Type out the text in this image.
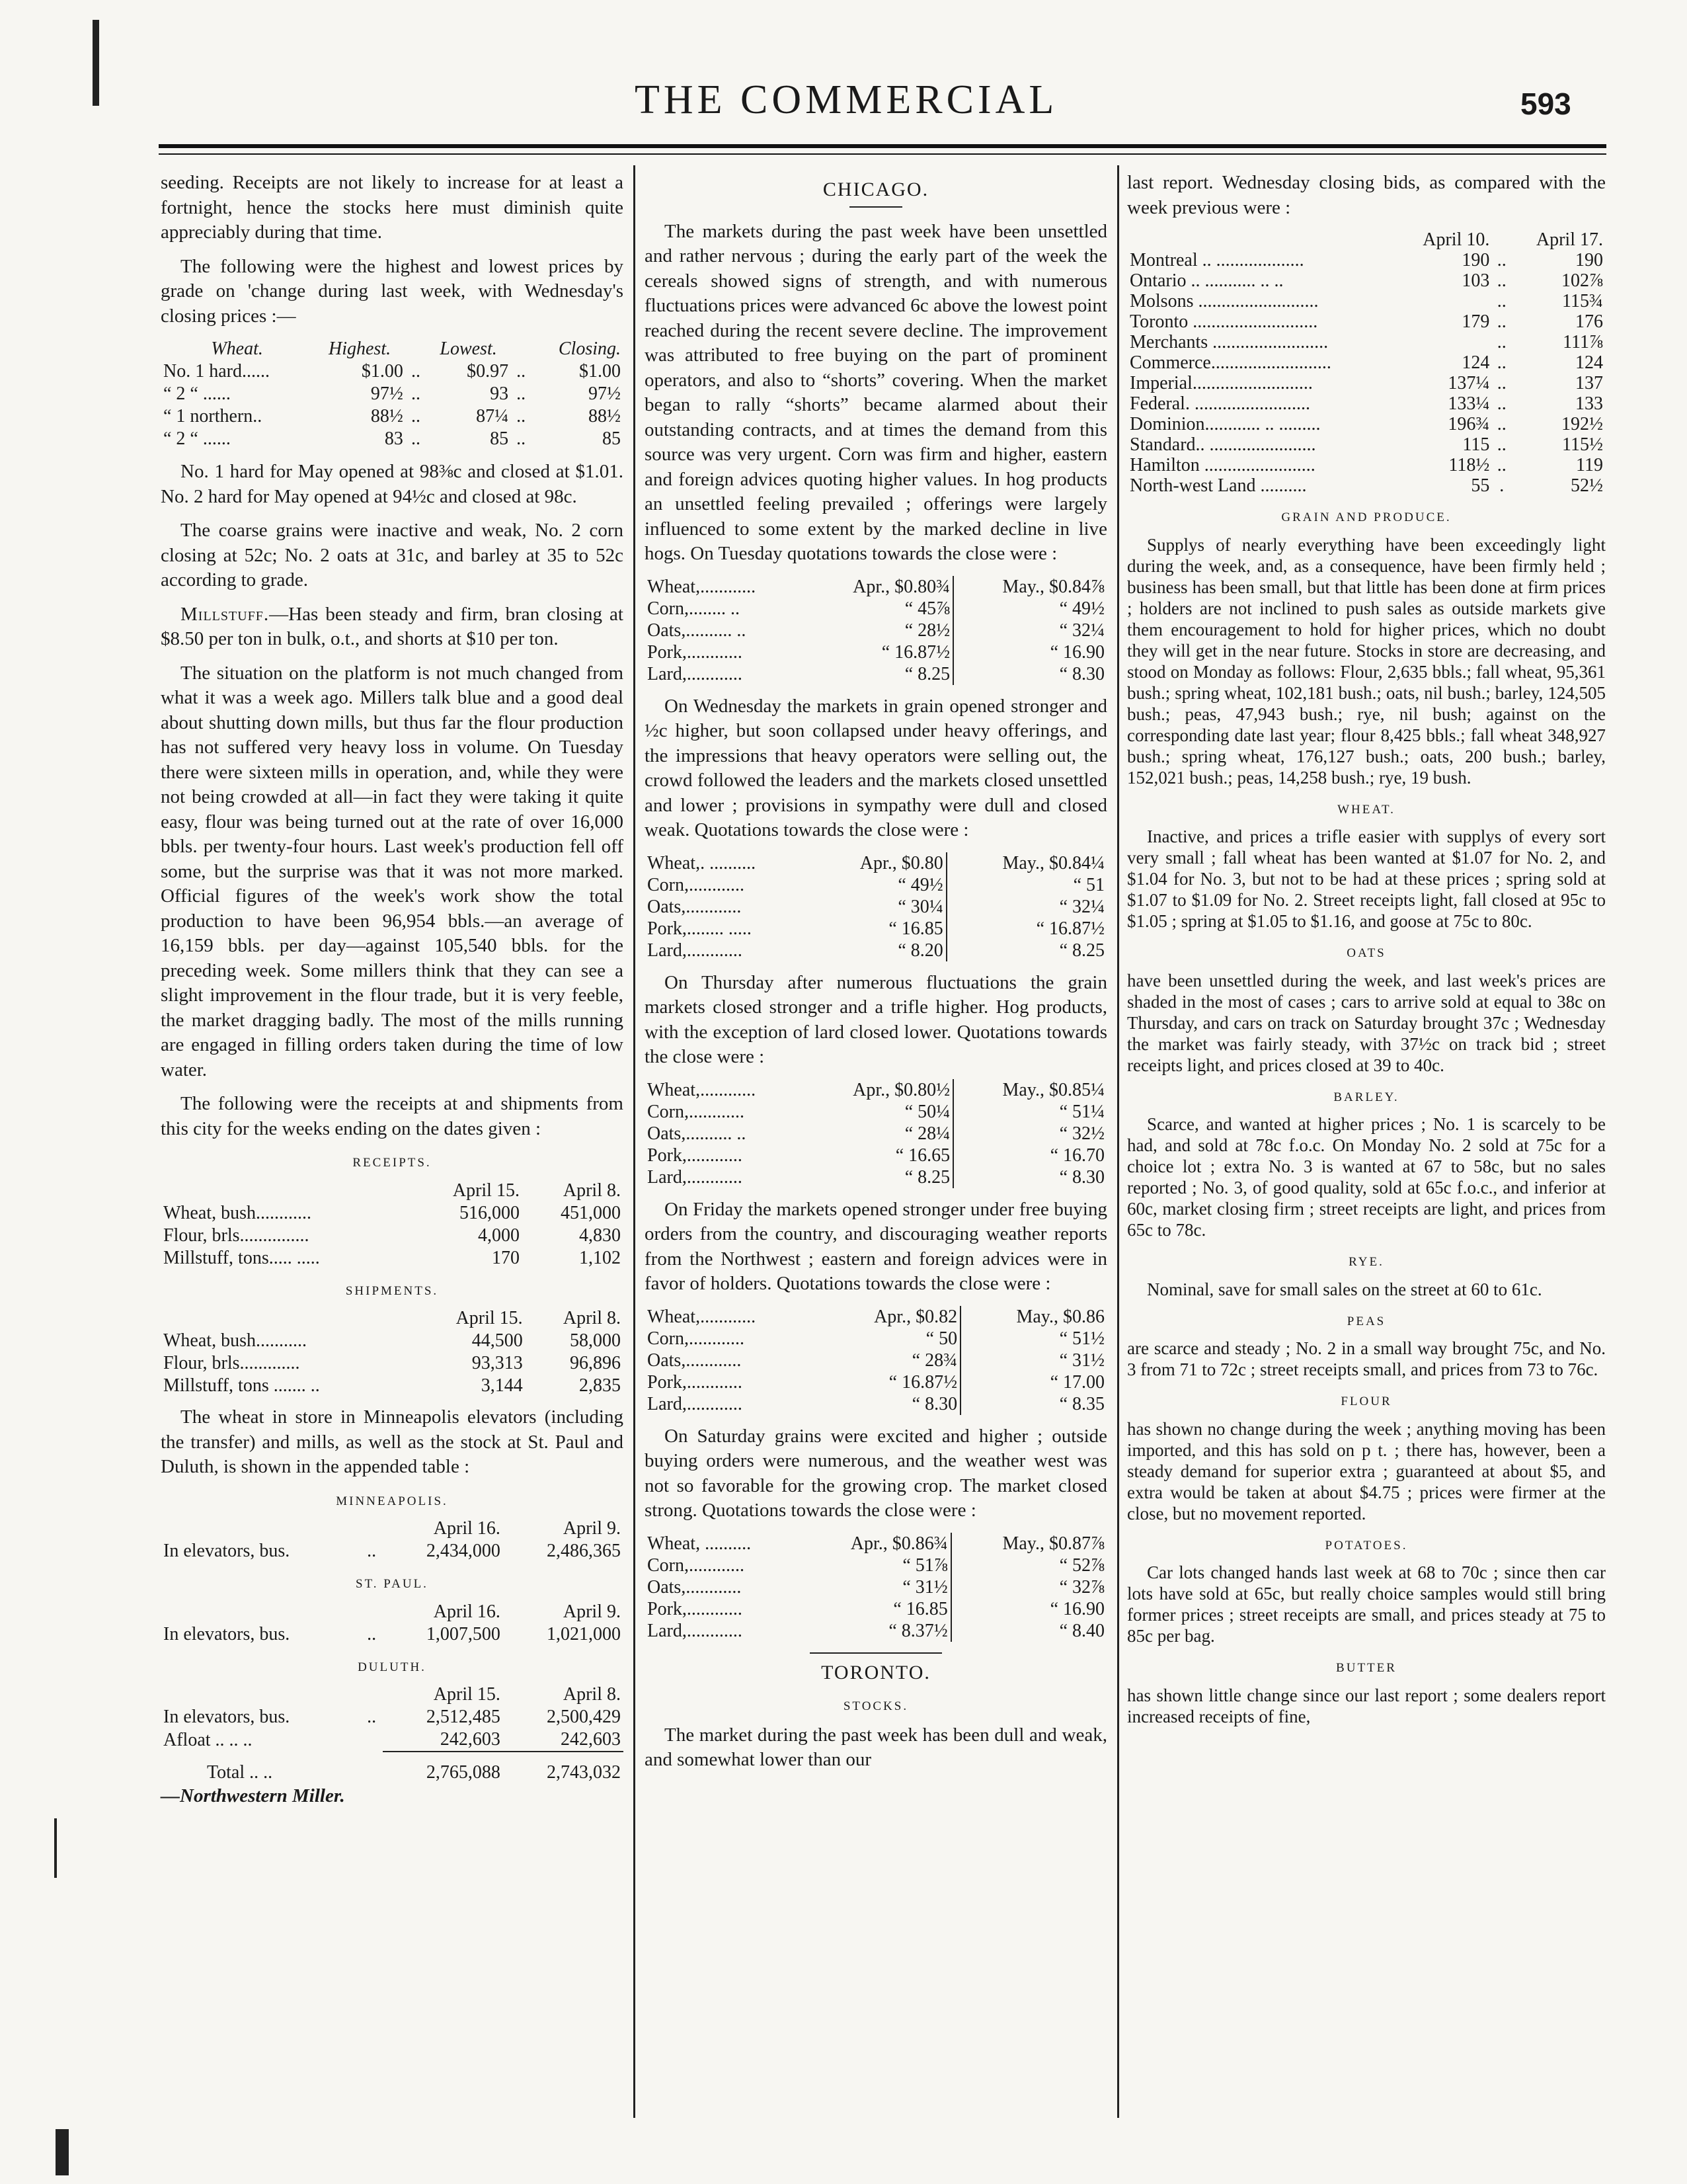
THE COMMERCIAL	593

seeding. Receipts are not likely to increase for at least a fortnight, hence the stocks here must diminish quite appreciably during that time.

The following were the highest and lowest prices by grade on 'change during last week, with Wednesday's closing prices :—

Wheat.	Highest.		Lowest.		Closing.
No. 1 hard......	$1.00	..	$0.97	..	$1.00
“ 2 “ ......	97½	..	93	..	97½
“ 1 northern..	88½	..	87¼	..	88½
“ 2 “ ......	83	..	85	..	85

No. 1 hard for May opened at 98⅜c and closed at $1.01. No. 2 hard for May opened at 94½c and closed at 98c.

The coarse grains were inactive and weak, No. 2 corn closing at 52c; No. 2 oats at 31c, and barley at 35 to 52c according to grade.

Millstuff.—Has been steady and firm, bran closing at $8.50 per ton in bulk, o.t., and shorts at $10 per ton.

The situation on the platform is not much changed from what it was a week ago. Millers talk blue and a good deal about shutting down mills, but thus far the flour production has not suffered very heavy loss in volume. On Tuesday there were sixteen mills in operation, and, while they were not being crowded at all—in fact they were taking it quite easy, flour was being turned out at the rate of over 16,000 bbls. per twenty-four hours. Last week's production fell off some, but the surprise was that it was not more marked. Official figures of the week's work show the total production to have been 96,954 bbls.—an average of 16,159 bbls. per day—against 105,540 bbls. for the preceding week. Some millers think that they can see a slight improvement in the flour trade, but it is very feeble, the market dragging badly. The most of the mills running are engaged in filling orders taken during the time of low water.

The following were the receipts at and shipments from this city for the weeks ending on the dates given :

RECEIPTS.
	April 15.	April 8.
Wheat, bush............	516,000	451,000
Flour, brls...............	4,000	4,830
Millstuff, tons..... .....	170	1,102
SHIPMENTS.
	April 15.	April 8.
Wheat, bush...........	44,500	58,000
Flour, brls.............	93,313	96,896
Millstuff, tons ....... ..	3,144	2,835

The wheat in store in Minneapolis elevators (including the transfer) and mills, as well as the stock at St. Paul and Duluth, is shown in the appended table :

MINNEAPOLIS.
		April 16.	April 9.
In elevators, bus.	..	2,434,000	2,486,365
ST. PAUL.
		April 16.	April 9.
In elevators, bus.	..	1,007,500	1,021,000
DULUTH.
		April 15.	April 8.
In elevators, bus.	..	2,512,485	2,500,429
Afloat .. .. ..		242,603	242,603
Total .. ..		2,765,088	2,743,032
—Northwestern Miller.
CHICAGO.

The markets during the past week have been unsettled and rather nervous ; during the early part of the week the cereals showed signs of strength, and with numerous fluctuations prices were advanced 6c above the lowest point reached during the recent severe decline. The improvement was attributed to free buying on the part of prominent operators, and also to “shorts” covering. When the market began to rally “shorts” became alarmed about their outstanding contracts, and at times the demand from this source was very urgent. Corn was firm and higher, eastern and foreign advices quoting higher values. In hog products an unsettled feeling prevailed ; offerings were largely influenced to some extent by the marked decline in live hogs. On Tuesday quotations towards the close were :

Wheat,............	Apr., $0.80¾	May., $0.84⅞
Corn,........ ..	“ 45⅞	“ 49½
Oats,.......... ..	“ 28½	“ 32¼
Pork,............	“ 16.87½	“ 16.90
Lard,............	“ 8.25	“ 8.30

On Wednesday the markets in grain opened stronger and ½c higher, but soon collapsed under heavy offerings, and the impressions that heavy operators were selling out, the crowd followed the leaders and the markets closed unsettled and lower ; provisions in sympathy were dull and closed weak. Quotations towards the close were :

Wheat,. ..........	Apr., $0.80	May., $0.84¼
Corn,............	“ 49½	“ 51
Oats,............	“ 30¼	“ 32¼
Pork,........ .....	“ 16.85	“ 16.87½
Lard,............	“ 8.20	“ 8.25

On Thursday after numerous fluctuations the grain markets closed stronger and a trifle higher. Hog products, with the exception of lard closed lower. Quotations towards the close were :

Wheat,............	Apr., $0.80½	May., $0.85¼
Corn,............	“ 50¼	“ 51¼
Oats,.......... ..	“ 28¼	“ 32½
Pork,............	“ 16.65	“ 16.70
Lard,............	“ 8.25	“ 8.30

On Friday the markets opened stronger under free buying orders from the country, and discouraging weather reports from the Northwest ; eastern and foreign advices were in favor of holders. Quotations towards the close were :

Wheat,............	Apr., $0.82	May., $0.86
Corn,............	“ 50	“ 51½
Oats,............	“ 28¾	“ 31½
Pork,............	“ 16.87½	“ 17.00
Lard,............	“ 8.30	“ 8.35

On Saturday grains were excited and higher ; outside buying orders were numerous, and the weather west was not so favorable for the growing crop. The market closed strong. Quotations towards the close were :

Wheat, ..........	Apr., $0.86¾	May., $0.87⅞
Corn,............	“ 51⅞	“ 52⅞
Oats,............	“ 31½	“ 32⅞
Pork,............	“ 16.85	“ 16.90
Lard,............	“ 8.37½	“ 8.40
TORONTO.
STOCKS.

The market during the past week has been dull and weak, and somewhat lower than our

last report. Wednesday closing bids, as compared with the week previous were :

	April 10.		April 17.
Montreal .. ...................	190	..	190
Ontario .. ........... .. ..	103	..	102⅞
Molsons ..........................		..	115¾
Toronto ...........................	179	..	176
Merchants .........................		..	111⅞
Commerce..........................	124	..	124
Imperial..........................	137¼	..	137
Federal. .........................	133¼	..	133
Dominion............ .. .........	196¾	..	192½
Standard.. .......................	115	..	115½
Hamilton ........................	118½	..	119
North-west Land ..........	55	.	52½
GRAIN AND PRODUCE.

Supplys of nearly everything have been exceedingly light during the week, and, as a consequence, have been firmly held ; business has been small, but that little has been done at firm prices ; holders are not inclined to push sales as outside markets give them encouragement to hold for higher prices, which no doubt they will get in the near future. Stocks in store are decreasing, and stood on Monday as follows: Flour, 2,635 bbls.; fall wheat, 95,361 bush.; spring wheat, 102,181 bush.; oats, nil bush.; barley, 124,505 bush.; peas, 47,943 bush.; rye, nil bush; against on the corresponding date last year; flour 8,425 bbls.; fall wheat 348,927 bush.; spring wheat, 176,127 bush.; oats, 200 bush.; barley, 152,021 bush.; peas, 14,258 bush.; rye, 19 bush.

WHEAT.

Inactive, and prices a trifle easier with supplys of every sort very small ; fall wheat has been wanted at $1.07 for No. 2, and $1.04 for No. 3, but not to be had at these prices ; spring sold at $1.07 to $1.09 for No. 2. Street receipts light, fall closed at 95c to $1.05 ; spring at $1.05 to $1.16, and goose at 75c to 80c.

OATS

have been unsettled during the week, and last week's prices are shaded in the most of cases ; cars to arrive sold at equal to 38c on Thursday, and cars on track on Saturday brought 37c ; Wednesday the market was fairly steady, with 37½c on track bid ; street receipts light, and prices closed at 39 to 40c.

BARLEY.

Scarce, and wanted at higher prices ; No. 1 is scarcely to be had, and sold at 78c f.o.c. On Monday No. 2 sold at 75c for a choice lot ; extra No. 3 is wanted at 67 to 58c, but no sales reported ; No. 3, of good quality, sold at 65c f.o.c., and inferior at 60c, market closing firm ; street receipts are light, and prices from 65c to 78c.

RYE.

Nominal, save for small sales on the street at 60 to 61c.

PEAS

are scarce and steady ; No. 2 in a small way brought 75c, and No. 3 from 71 to 72c ; street receipts small, and prices from 73 to 76c.

FLOUR

has shown no change during the week ; anything moving has been imported, and this has sold on p t. ; there has, however, been a steady demand for superior extra ; guaranteed at about $5, and extra would be taken at about $4.75 ; prices were firmer at the close, but no movement reported.

POTATOES.

Car lots changed hands last week at 68 to 70c ; since then car lots have sold at 65c, but really choice samples would still bring former prices ; street receipts are small, and prices steady at 75 to 85c per bag.

BUTTER

has shown little change since our last report ; some dealers report increased receipts of fine,
